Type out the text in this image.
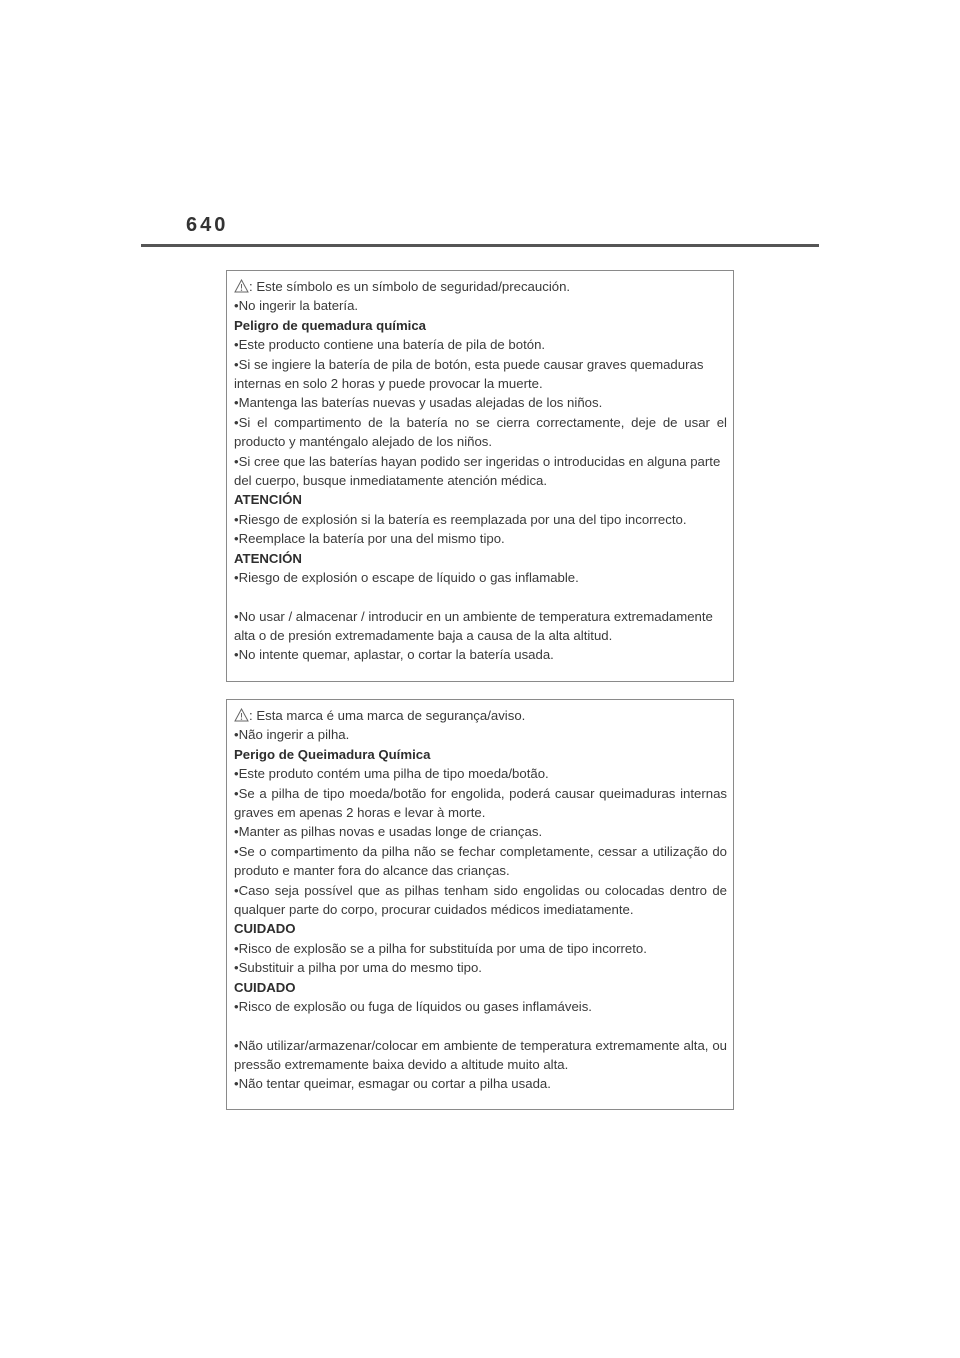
640
: Este símbolo es un símbolo de seguridad/precaución.
•No ingerir la batería.
Peligro de quemadura química
•Este producto contiene una batería de pila de botón.
•Si se ingiere la batería de pila de botón, esta puede causar graves quemaduras internas en solo 2 horas y puede provocar la muerte.
•Mantenga las baterías nuevas y usadas alejadas de los niños.
•Si el compartimento de la batería no se cierra correctamente, deje de usar el producto y manténgalo alejado de los niños.
•Si cree que las baterías hayan podido ser ingeridas o introducidas en alguna parte del cuerpo, busque inmediatamente atención médica.
ATENCIÓN
•Riesgo de explosión si la batería es reemplazada por una del tipo incorrecto.
•Reemplace la batería por una del mismo tipo.
ATENCIÓN
•Riesgo de explosión o escape de líquido o gas inflamable.
•No usar / almacenar / introducir en un ambiente de temperatura extremadamente alta o de presión extremadamente baja a causa de la alta altitud.
•No intente quemar, aplastar, o cortar la batería usada.
: Esta marca é uma marca de segurança/aviso.
•Não ingerir a pilha.
Perigo de Queimadura Química
•Este produto contém uma pilha de tipo moeda/botão.
•Se a pilha de tipo moeda/botão for engolida, poderá causar queimaduras internas graves em apenas 2 horas e levar à morte.
•Manter as pilhas novas e usadas longe de crianças.
•Se o compartimento da pilha não se fechar completamente, cessar a utilização do produto e manter fora do alcance das crianças.
•Caso seja possível que as pilhas tenham sido engolidas ou colocadas dentro de qualquer parte do corpo, procurar cuidados médicos imediatamente.
CUIDADO
•Risco de explosão se a pilha for substituída por uma de tipo incorreto.
•Substituir a pilha por uma do mesmo tipo.
CUIDADO
•Risco de explosão ou fuga de líquidos ou gases inflamáveis.
•Não utilizar/armazenar/colocar em ambiente de temperatura extremamente alta, ou pressão extremamente baixa devido a altitude muito alta.
•Não tentar queimar, esmagar ou cortar a pilha usada.
